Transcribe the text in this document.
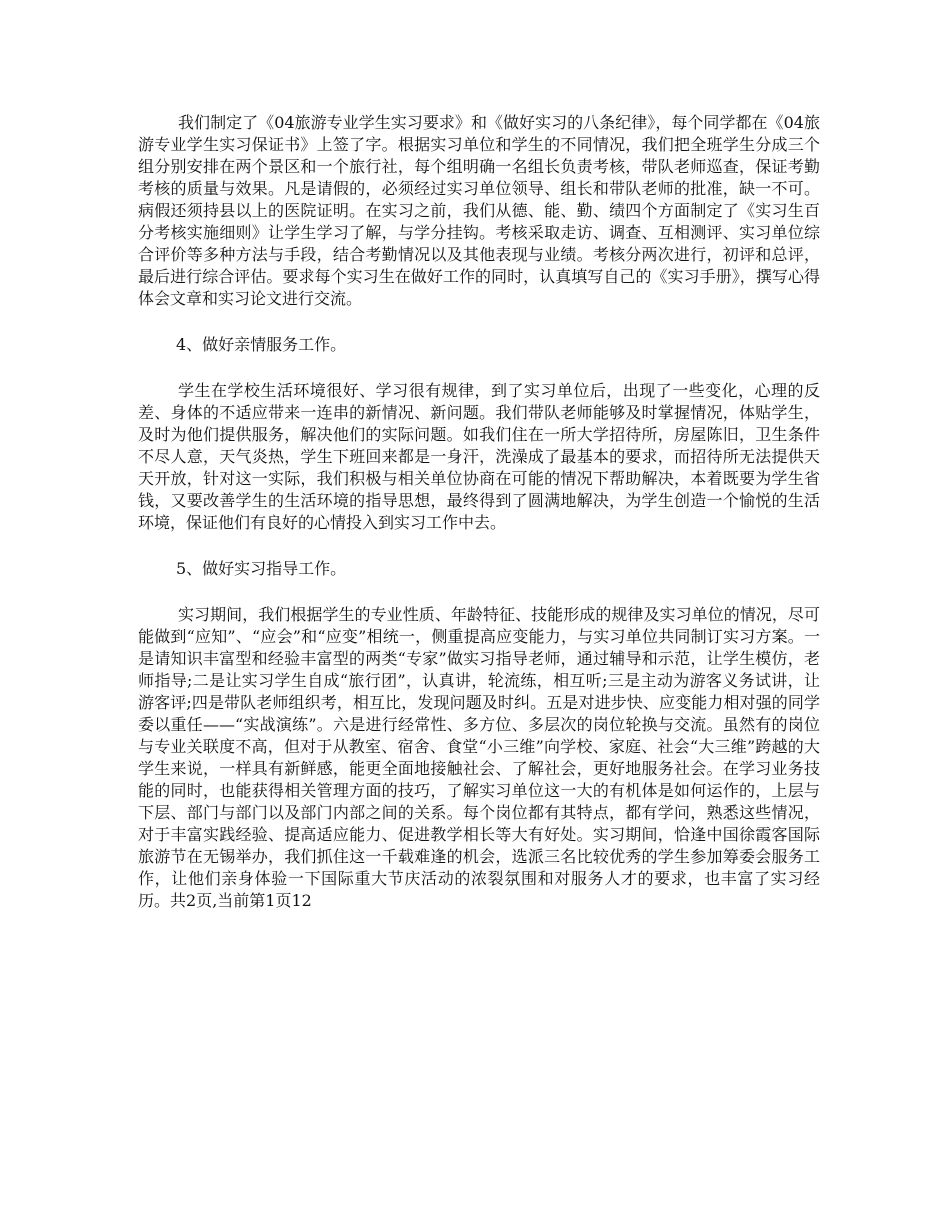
我们制定了《04旅游专业学生实习要求》和《做好实习的八条纪律》，每个同学都在《04旅游专业学生实习保证书》上签了字。根据实习单位和学生的不同情况，我们把全班学生分成三个组分别安排在两个景区和一个旅行社，每个组明确一名组长负责考核，带队老师巡查，保证考勤考核的质量与效果。凡是请假的，必须经过实习单位领导、组长和带队老师的批准，缺一不可。病假还须持县以上的医院证明。在实习之前，我们从德、能、勤、绩四个方面制定了《实习生百分考核实施细则》让学生学习了解，与学分挂钩。考核采取走访、调查、互相测评、实习单位综合评价等多种方法与手段，结合考勤情况以及其他表现与业绩。考核分两次进行，初评和总评，最后进行综合评估。要求每个实习生在做好工作的同时，认真填写自己的《实习手册》，撰写心得体会文章和实习论文进行交流。

4、做好亲情服务工作。

学生在学校生活环境很好、学习很有规律，到了实习单位后，出现了一些变化，心理的反差、身体的不适应带来一连串的新情况、新问题。我们带队老师能够及时掌握情况，体贴学生，及时为他们提供服务，解决他们的实际问题。如我们住在一所大学招待所，房屋陈旧，卫生条件不尽人意，天气炎热，学生下班回来都是一身汗，洗澡成了最基本的要求，而招待所无法提供天天开放，针对这一实际，我们积极与相关单位协商在可能的情况下帮助解决，本着既要为学生省钱，又要改善学生的生活环境的指导思想，最终得到了圆满地解决，为学生创造一个愉悦的生活环境，保证他们有良好的心情投入到实习工作中去。

5、做好实习指导工作。

实习期间，我们根据学生的专业性质、年龄特征、技能形成的规律及实习单位的情况，尽可能做到“应知”、“应会”和“应变”相统一，侧重提高应变能力，与实习单位共同制订实习方案。一是请知识丰富型和经验丰富型的两类“专家”做实习指导老师，通过辅导和示范，让学生模仿，老师指导;二是让实习学生自成“旅行团”，认真讲，轮流练，相互听;三是主动为游客义务试讲，让游客评;四是带队老师组织考，相互比，发现问题及时纠。五是对进步快、应变能力相对强的同学委以重任——“实战演练”。六是进行经常性、多方位、多层次的岗位轮换与交流。虽然有的岗位与专业关联度不高，但对于从教室、宿舍、食堂“小三维”向学校、家庭、社会“大三维”跨越的大学生来说，一样具有新鲜感，能更全面地接触社会、了解社会，更好地服务社会。在学习业务技能的同时，也能获得相关管理方面的技巧，了解实习单位这一大的有机体是如何运作的，上层与下层、部门与部门以及部门内部之间的关系。每个岗位都有其特点，都有学问，熟悉这些情况，对于丰富实践经验、提高适应能力、促进教学相长等大有好处。实习期间，恰逢中国徐霞客国际旅游节在无锡举办，我们抓住这一千载难逢的机会，选派三名比较优秀的学生参加筹委会服务工作，让他们亲身体验一下国际重大节庆活动的浓裂氛围和对服务人才的要求，也丰富了实习经历。共2页,当前第1页12
